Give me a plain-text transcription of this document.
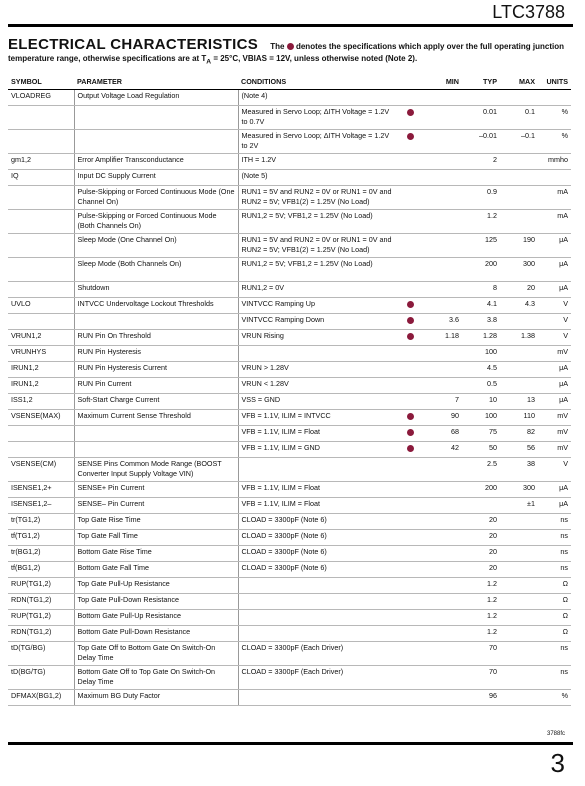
LTC3788
ELECTRICAL CHARACTERISTICS The denotes the specifications which apply over the full operating junction temperature range, otherwise specifications are at $T_A = 25^\circ C$, VBIAS = 12V, unless otherwise noted (Note 2).
SYMBOL	PARAMETER	CONDITIONS		MIN	TYP	MAX	UNITS
VLOADREG	Output Voltage Load Regulation	(Note 4)					
		Measured in Servo Loop; ΔITH Voltage = 1.2V to 0.7V			0.01	0.1	%
		Measured in Servo Loop; ΔITH Voltage = 1.2V to 2V			–0.01	–0.1	%
gm1,2	Error Amplifier Transconductance	ITH = 1.2V			2		mmho
IQ	Input DC Supply Current	(Note 5)					
	Pulse-Skipping or Forced Continuous Mode (One Channel On)	RUN1 = 5V and RUN2 = 0V or RUN1 = 0V and RUN2 = 5V; VFB1(2) = 1.25V (No Load)			0.9		mA
	Pulse-Skipping or Forced Continuous Mode (Both Channels On)	RUN1,2 = 5V; VFB1,2 = 1.25V (No Load)			1.2		mA
	Sleep Mode (One Channel On)	RUN1 = 5V and RUN2 = 0V or RUN1 = 0V and RUN2 = 5V; VFB1(2) = 1.25V (No Load)			125	190	μA
	Sleep Mode (Both Channels On)	RUN1,2 = 5V; VFB1,2 = 1.25V (No Load)			200	300	μA
	Shutdown	RUN1,2 = 0V			8	20	μA
UVLO	INTVCC Undervoltage Lockout Thresholds	VINTVCC Ramping Up			4.1	4.3	V
		VINTVCC Ramping Down		3.6	3.8		V
VRUN1,2	RUN Pin On Threshold	VRUN Rising		1.18	1.28	1.38	V
VRUNHYS	RUN Pin Hysteresis				100		mV
IRUN1,2	RUN Pin Hysteresis Current	VRUN > 1.28V			4.5		μA
IRUN1,2	RUN Pin Current	VRUN < 1.28V			0.5		μA
ISS1,2	Soft-Start Charge Current	VSS = GND		7	10	13	μA
VSENSE(MAX)	Maximum Current Sense Threshold	VFB = 1.1V, ILIM = INTVCC		90	100	110	mV
		VFB = 1.1V, ILIM = Float		68	75	82	mV
		VFB = 1.1V, ILIM = GND		42	50	56	mV
VSENSE(CM)	SENSE Pins Common Mode Range (BOOST Converter Input Supply Voltage VIN)				2.5	38	V
ISENSE1,2+	SENSE+ Pin Current	VFB = 1.1V, ILIM = Float			200	300	μA
ISENSE1,2–	SENSE– Pin Current	VFB = 1.1V, ILIM = Float				±1	μA
tr(TG1,2)	Top Gate Rise Time	CLOAD = 3300pF (Note 6)			20		ns
tf(TG1,2)	Top Gate Fall Time	CLOAD = 3300pF (Note 6)			20		ns
tr(BG1,2)	Bottom Gate Rise Time	CLOAD = 3300pF (Note 6)			20		ns
tf(BG1,2)	Bottom Gate Fall Time	CLOAD = 3300pF (Note 6)			20		ns
RUP(TG1,2)	Top Gate Pull-Up Resistance				1.2		Ω
RDN(TG1,2)	Top Gate Pull-Down Resistance				1.2		Ω
RUP(TG1,2)	Bottom Gate Pull-Up Resistance				1.2		Ω
RDN(TG1,2)	Bottom Gate Pull-Down Resistance				1.2		Ω
tD(TG/BG)	Top Gate Off to Bottom Gate On Switch-On Delay Time	CLOAD = 3300pF (Each Driver)			70		ns
tD(BG/TG)	Bottom Gate Off to Top Gate On Switch-On Delay Time	CLOAD = 3300pF (Each Driver)			70		ns
DFMAX(BG1,2)	Maximum BG Duty Factor				96		%
3788fc
3
